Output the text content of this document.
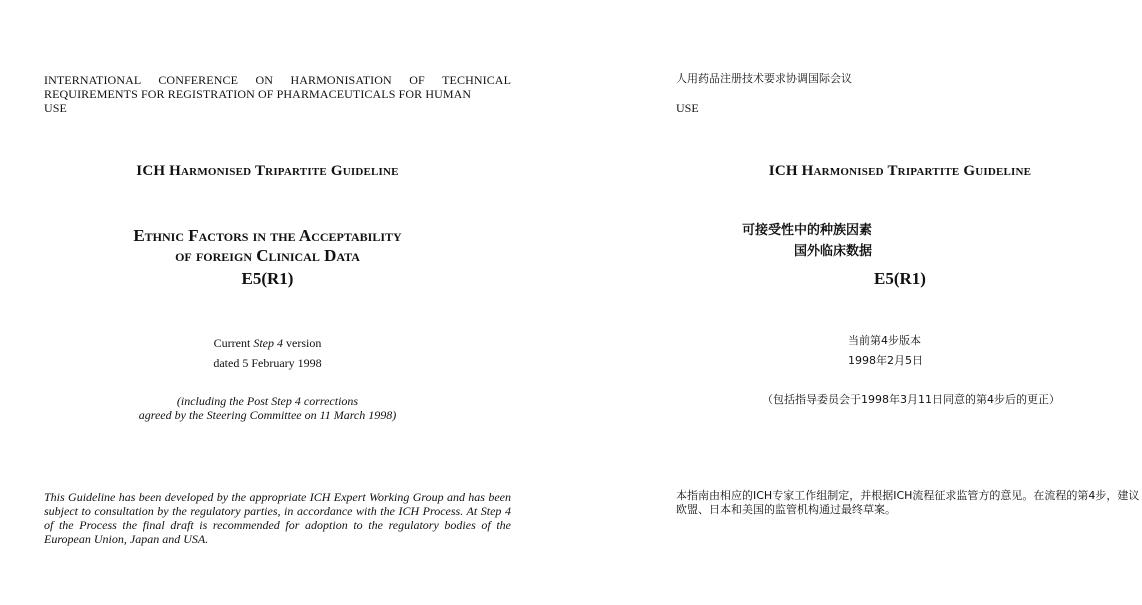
INTERNATIONAL CONFERENCE ON HARMONISATION OF TECHNICAL
REQUIREMENTS FOR REGISTRATION OF PHARMACEUTICALS FOR HUMAN
USE
ICH Harmonised Tripartite Guideline
Ethnic Factors in the Acceptability
of foreign Clinical Data
E5(R1)
Current Step 4 version
dated 5 February 1998
(including the Post Step 4 corrections
agreed by the Steering Committee on 11 March 1998)
This Guideline has been developed by the appropriate ICH Expert Working Group and has been subject to consultation by the regulatory parties, in accordance with the ICH Process. At Step 4 of the Process the final draft is recommended for adoption to the regulatory bodies of the European Union, Japan and USA.
人用药品注册技术要求协调国际会议
USE
ICH Harmonised Tripartite Guideline
可接受性中的种族因素
国外临床数据
E5(R1)
当前第4步版本
1998年2月5日
（包括指导委员会于1998年3月11日同意的第4步后的更正）
本指南由相应的ICH专家工作组制定，并根据ICH流程征求监管方的意见。在流程的第4步，建议欧盟、日本和美国的监管机构通过最终草案。
